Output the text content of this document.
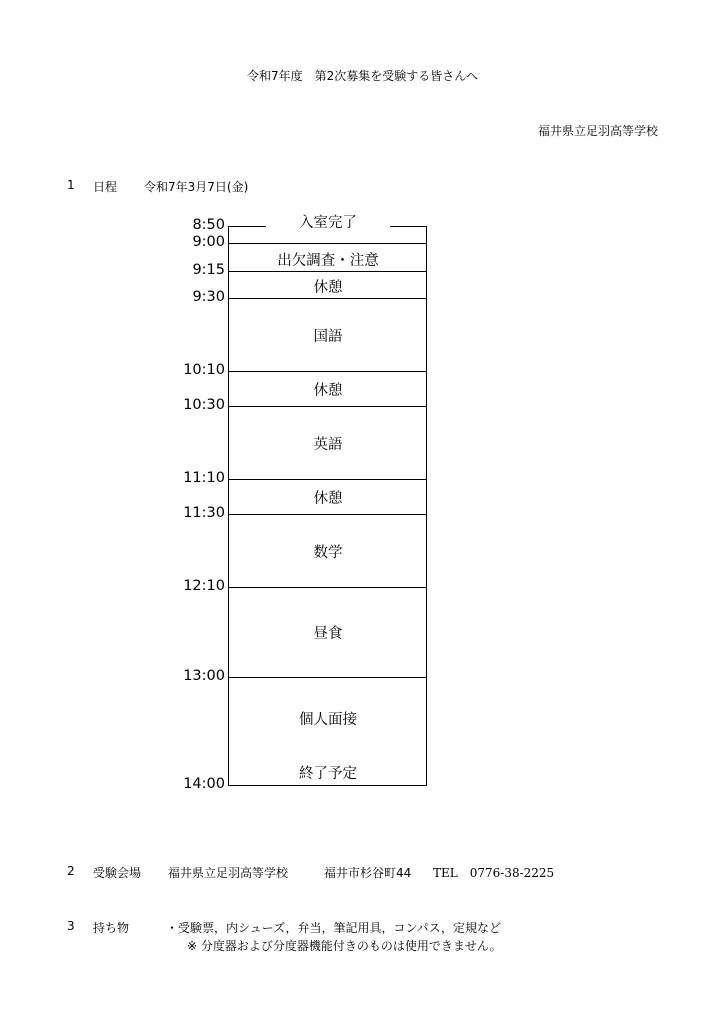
令和7年度　第2次募集を受験する皆さんへ
福井県立足羽高等学校
1 日程 令和7年3月7日(金)
8:50
9:00
9:15
9:30
10:10
10:30
11:10
11:30
12:10
13:00
14:00
入室完了
出欠調査・注意
休憩
国語
休憩
英語
休憩
数学
昼食
個人面接
終了予定
2 受験会場 福井県立足羽高等学校	福井市杉谷町44 TEL　0776-38-2225
3 持ち物	・受験票，内シューズ，弁当，筆記用具，コンパス，定規など
※ 分度器および分度器機能付きのものは使用できません。
